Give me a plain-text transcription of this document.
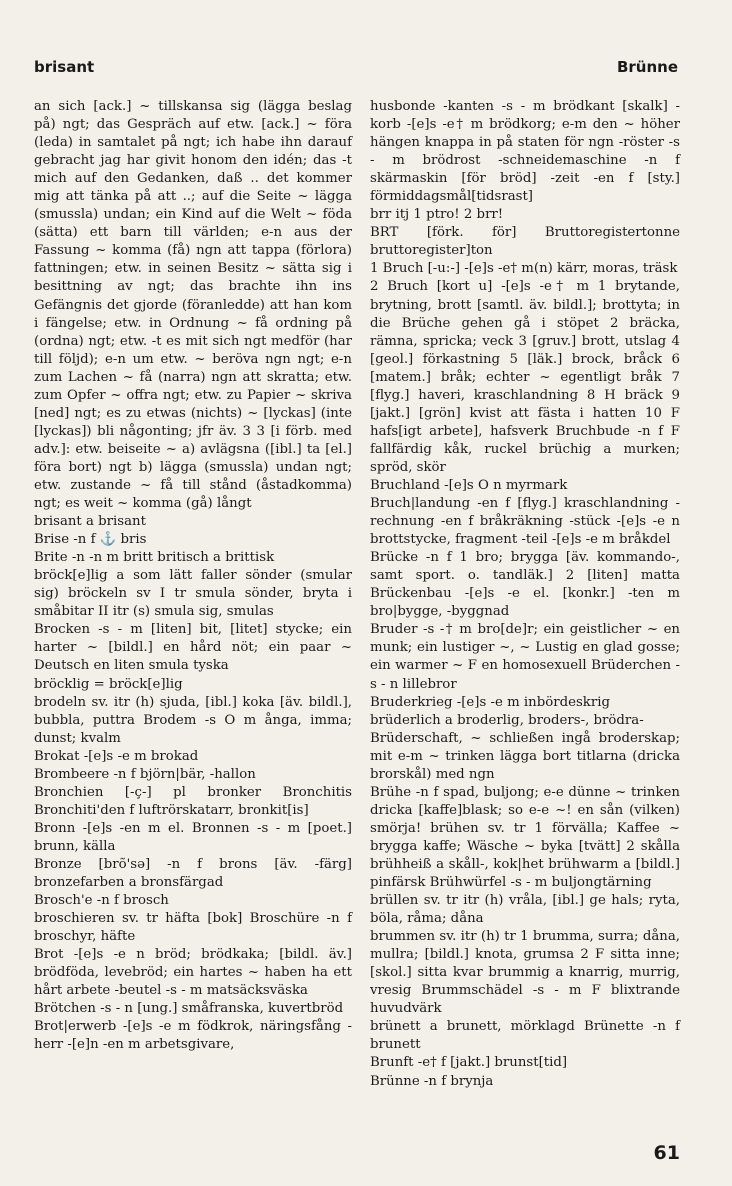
brisant	Brünne
an sich [ack.] ~ tillskansa sig (lägga beslag på) ngt; das Gespräch auf etw. [ack.] ~ föra (leda) in samtalet på ngt; ich habe ihn darauf gebracht jag har givit honom den idén; das -t mich auf den Gedanken, daß .. det kommer mig att tänka på att ..; auf die Seite ~ lägga (smussla) undan; ein Kind auf die Welt ~ föda (sätta) ett barn till världen; e-n aus der Fassung ~ komma (få) ngn att tappa (förlora) fattningen; etw. in seinen Besitz ~ sätta sig i besittning av ngt; das brachte ihn ins Gefängnis det gjorde (föranledde) att han kom i fängelse; etw. in Ordnung ~ få ordning på (ordna) ngt; etw. -t es mit sich ngt medför (har till följd); e-n um etw. ~ beröva ngn ngt; e-n zum Lachen ~ få (narra) ngn att skratta; etw. zum Opfer ~ offra ngt; etw. zu Papier ~ skriva [ned] ngt; es zu etwas (nichts) ~ [lyckas] (inte [lyckas]) bli någonting; jfr äv. 3 3 [i förb. med adv.]: etw. beiseite ~ a) avlägsna ([ibl.] ta [el.] föra bort) ngt b) lägga (smussla) undan ngt; etw. zustande ~ få till stånd (åstadkomma) ngt; es weit ~ komma (gå) långt
brisant a brisant
Brise -n f ⚓ bris
Brite -n -n m britt britisch a brittisk
bröck[e]lig a som lätt faller sönder (smular sig) bröckeln sv I tr smula sönder, bryta i småbitar II itr (s) smula sig, smulas
Brocken -s - m [liten] bit, [litet] stycke; ein harter ~ [bildl.] en hård nöt; ein paar ~ Deutsch en liten smula tyska
bröcklig = bröck[e]lig
brodeln sv. itr (h) sjuda, [ibl.] koka [äv. bildl.], bubbla, puttra Brodem -s O m ånga, imma; dunst; kvalm
Brokat -[e]s -e m brokad
Brombeere -n f björn|bär, -hallon
Bronchien [-ç-] pl bronker Bronchitis Bronchiti'den f luftrörskatarr, bronkit[is]
Bronn -[e]s -en m el. Bronnen -s - m [poet.] brunn, källa
Bronze [brõ'sə] -n f brons [äv. -färg] bronzefarben a bronsfärgad
Brosch'e -n f brosch
broschieren sv. tr häfta [bok] Broschüre -n f broschyr, häfte
Brot -[e]s -e n bröd; brödkaka; [bildl. äv.] brödföda, levebröd; ein hartes ~ haben ha ett hårt arbete -beutel -s - m matsäcksväska
Brötchen -s - n [ung.] småfranska, kuvertbröd
Brot|erwerb -[e]s -e m födkrok, näringsfång -herr -[e]n -en m arbetsgivare,
husbonde -kanten -s - m brödkant [skalk] -korb -[e]s -e† m brödkorg; e-m den ~ höher hängen knappa in på staten för ngn -röster -s - m brödrost -schneidemaschine -n f skärmaskin [för bröd] -zeit -en f [sty.] förmiddagsmål[tidsrast]
brr itj 1 ptro! 2 brr!
BRT [förk. för] Bruttoregistertonne bruttoregister]ton
1 Bruch [-u:-] -[e]s -e† m(n) kärr, moras, träsk
2 Bruch [kort u] -[e]s -e† m 1 brytande, brytning, brott [samtl. äv. bildl.]; brottyta; in die Brüche gehen gå i stöpet 2 bräcka, rämna, spricka; veck 3 [gruv.] brott, utslag 4 [geol.] förkastning 5 [läk.] brock, bråck 6 [matem.] bråk; echter ~ egentligt bråk 7 [flyg.] haveri, kraschlandning 8 H bräck 9 [jakt.] [grön] kvist att fästa i hatten 10 F hafs[igt arbete], hafsverk Bruchbude -n f F fallfärdig kåk, ruckel brüchig a murken; spröd, skör
Bruchland -[e]s O n myrmark
Bruch|landung -en f [flyg.] kraschlandning -rechnung -en f bråkräkning -stück -[e]s -e n brottstycke, fragment -teil -[e]s -e m bråkdel
Brücke -n f 1 bro; brygga [äv. kommando-, samt sport. o. tandläk.] 2 [liten] matta Brückenbau -[e]s -e el. [konkr.] -ten m bro|bygge, -byggnad
Bruder -s -† m bro[de]r; ein geistlicher ~ en munk; ein lustiger ~, ~ Lustig en glad gosse; ein warmer ~ F en homosexuell Brüderchen -s - n lillebror
Bruderkrieg -[e]s -e m inbördeskrig
brüderlich a broderlig, broders-, brödra-
Brüderschaft, ~ schließen ingå broderskap; mit e-m ~ trinken lägga bort titlarna (dricka brorskål) med ngn
Brühe -n f spad, buljong; e-e dünne ~ trinken dricka [kaffe]blask; so e-e ~! en sån (vilken) smörja! brühen sv. tr 1 förvälla; Kaffee ~ brygga kaffe; Wäsche ~ byka [tvätt] 2 skålla brühheiß a skåll-, kok|het brühwarm a [bildl.] pinfärsk Brühwürfel -s - m buljongtärning
brüllen sv. tr itr (h) vråla, [ibl.] ge hals; ryta, böla, råma; dåna
brummen sv. itr (h) tr 1 brumma, surra; dåna, mullra; [bildl.] knota, grumsa 2 F sitta inne; [skol.] sitta kvar brummig a knarrig, murrig, vresig Brummschädel -s - m F blixtrande huvudvärk
brünett a brunett, mörklagd Brünette -n f brunett
Brunft -e† f [jakt.] brunst[tid]
Brünne -n f brynja
61
